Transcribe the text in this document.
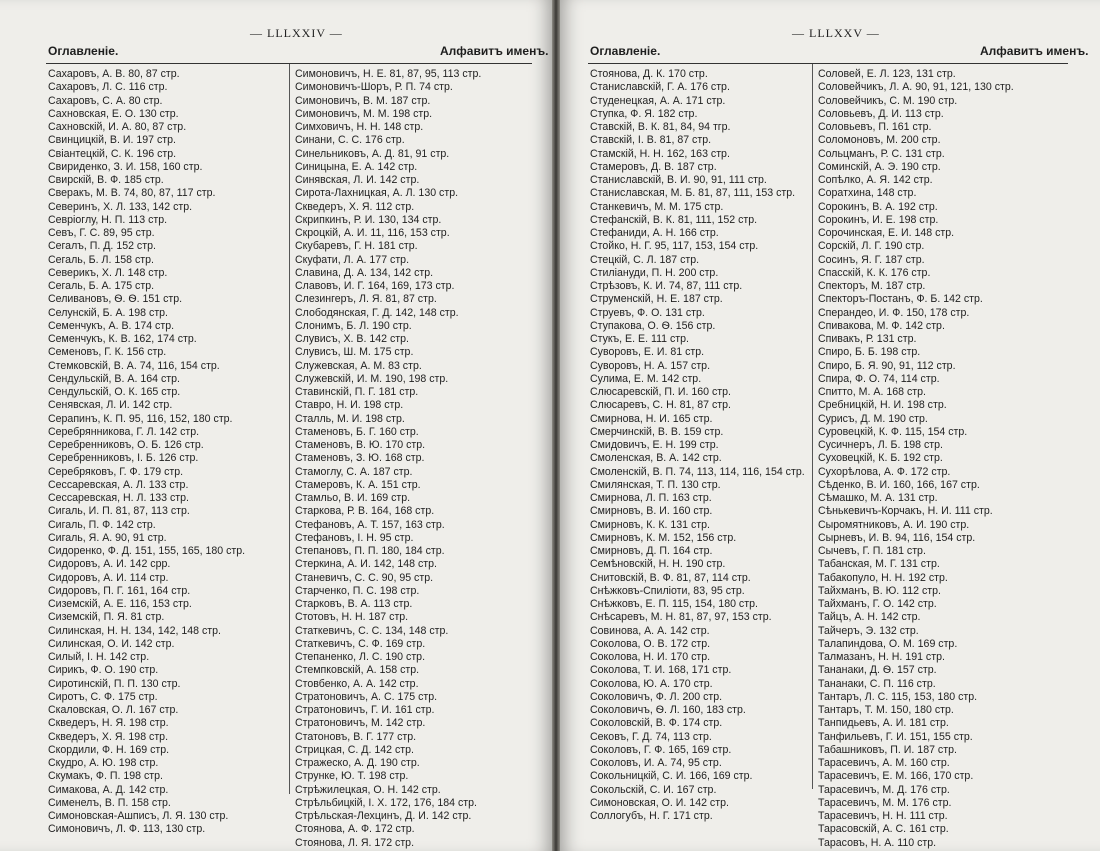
— LLLXXIV —
Оглавленіе.	Алфавитъ именъ.
Сахаровъ, А. В. 80, 87 стр.
Сахаровъ, Л. С. 116 стр.
Сахаровъ, С. А. 80 стр.
Сахновская, Е. О. 130 стр.
Сахновскій, И. А. 80, 87 стр.
Свинцицкій, В. И. 197 стр.
Свіантецкій, С. К. 196 стр.
Свириденко, З. И. 158, 160 стр.
Свирскій, В. Ф. 185 стр.
Сверакъ, М. В. 74, 80, 87, 117 стр.
Северинъ, Х. Л. 133, 142 стр.
Севріоглу, Н. П. 113 стр.
Севъ, Г. С. 89, 95 стр.
Сегалъ, П. Д. 152 стр.
Сегаль, Б. Л. 158 стр.
Северикъ, Х. Л. 148 стр.
Сегаль, Б. А. 175 стр.
Селивановъ, Ѳ. Ѳ. 151 стр.
Селунскій, Б. А. 198 стр.
Семенчукъ, А. В. 174 стр.
Семенчукъ, К. В. 162, 174 стр.
Семеновъ, Г. К. 156 стр.
Стемковскій, В. А. 74, 116, 154 стр.
Сендульскій, В. А. 164 стр.
Сендульскій, О. К. 165 стр.
Сенявская, Л. И. 142 стр.
Серапинъ, К. П. 95, 116, 152, 180 стр.
Серебрянникова, Г. Л. 142 стр.
Серебренниковъ, О. Б. 126 стр.
Серебренниковъ, І. Б. 126 стр.
Серебряковъ, Г. Ф. 179 стр.
Сессаревская, А. Л. 133 стр.
Сессаревская, Н. Л. 133 стр.
Сигаль, И. П. 81, 87, 113 стр.
Сигаль, П. Ф. 142 стр.
Сигаль, Я. А. 90, 91 стр.
Сидоренко, Ф. Д. 151, 155, 165, 180 стр.
Сидоровъ, А. И. 142 срр.
Сидоровъ, А. И. 114 стр.
Сидоровъ, П. Г. 161, 164 стр.
Сиземскій, А. Е. 116, 153 стр.
Сиземскій, П. Я. 81 стр.
Силинская, Н. Н. 134, 142, 148 стр.
Силинская, О. И. 142 стр.
Силый, І. Н. 142 стр.
Сирикъ, Ф. О. 190 стр.
Сиротинскій, П. П. 130 стр.
Сиротъ, С. Ф. 175 стр.
Скаловская, О. Л. 167 стр.
Скведеръ, Н. Я. 198 стр.
Скведеръ, Х. Я. 198 стр.
Скордили, Ф. Н. 169 стр.
Скудро, А. Ю. 198 стр.
Скумакъ, Ф. П. 198 стр.
Симакова, А. Д. 142 стр.
Сименелъ, В. П. 158 стр.
Симоновская-Ашписъ, Л. Я. 130 стр.
Симоновичъ, Л. Ф. 113, 130 стр.
Симоновичъ, Н. Е. 81, 87, 95, 113 стр.
Симоновичъ-Шоръ, Р. П. 74 стр.
Симоновичъ, В. М. 187 стр.
Симоновичъ, М. М. 198 стр.
Симховичъ, Н. Н. 148 стр.
Синани, С. С. 176 стр.
Синельниковъ, А. Д. 81, 91 стр.
Синицына, Е. А. 142 стр.
Синявская, Л. И. 142 стр.
Сирота-Лахницкая, А. Л. 130 стр.
Скведеръ, Х. Я. 112 стр.
Скрипкинъ, Р. И. 130, 134 стр.
Скроцкій, А. И. 11, 116, 153 стр.
Скубаревъ, Г. Н. 181 стр.
Скуфати, Л. А. 177 стр.
Славина, Д. А. 134, 142 стр.
Славовъ, И. Г. 164, 169, 173 стр.
Слезингеръ, Л. Я. 81, 87 стр.
Слободянская, Г. Д. 142, 148 стр.
Слонимъ, Б. Л. 190 стр.
Слувисъ, Х. В. 142 стр.
Слувисъ, Ш. М. 175 стр.
Служевская, А. М. 83 стр.
Служевскій, И. М. 190, 198 стр.
Ставинскій, П. Г. 181 стр.
Ставро, Н. И. 198 стр.
Сталль, М. И. 198 стр.
Стаменовъ, Б. Г. 160 стр.
Стаменовъ, В. Ю. 170 стр.
Стаменовъ, З. Ю. 168 стр.
Стамоглу, С. А. 187 стр.
Стамеровъ, К. А. 151 стр.
Стамльо, В. И. 169 стр.
Старкова, Р. В. 164, 168 стр.
Стефановъ, А. Т. 157, 163 стр.
Стефановъ, І. Н. 95 стр.
Степановъ, П. П. 180, 184 стр.
Стеркина, А. И. 142, 148 стр.
Станевичъ, С. С. 90, 95 стр.
Старченко, П. С. 198 стр.
Старковъ, В. А. 113 стр.
Стотовъ, Н. Н. 187 стр.
Статкевичъ, С. С. 134, 148 стр.
Статкевичъ, С. Ф. 169 стр.
Степаненко, Л. С. 190 стр.
Стемпковскій, А. 158 стр.
Стовбенко, А. А. 142 стр.
Стратоновичъ, А. С. 175 стр.
Стратоновичъ, Г. И. 161 стр.
Стратоновичъ, М. 142 стр.
Статоновъ, В. Г. 177 стр.
Стрицкая, С. Д. 142 стр.
Стражеско, А. Д. 190 стр.
Струнке, Ю. Т. 198 стр.
Стрѣжилецкая, О. Н. 142 стр.
Стрѣльбицкій, І. Х. 172, 176, 184 стр.
Стрѣльская-Лехцинъ, Д. И. 142 стр.
Стоянова, А. Ф. 172 стр.
Стоянова, Л. Я. 172 стр.
— LLLXXV —
Оглавленіе.	Алфавитъ именъ.
Стоянова, Д. К. 170 стр.
Станиславскій, Г. А. 176 стр.
Студенецкая, А. А. 171 стр.
Ступка, Ф. Я. 182 стр.
Ставскій, В. К. 81, 84, 94 тгр.
Ставскій, І. В. 81, 87 стр.
Стамскій, Н. Н. 162, 163 стр.
Стамеровъ, Д. В. 187 стр.
Станиславскій, В. И. 90, 91, 111 стр.
Станиславская, М. Б. 81, 87, 111, 153 стр.
Станкевичъ, М. М. 175 стр.
Стефанскій, В. К. 81, 111, 152 стр.
Стефаниди, А. Н. 166 стр.
Стойко, Н. Г. 95, 117, 153, 154 стр.
Стецкій, С. Л. 187 стр.
Стиліануди, П. Н. 200 стр.
Стрѣзовъ, К. И. 74, 87, 111 стр.
Струменскій, Н. Е. 187 стр.
Струевъ, Ф. О. 131 стр.
Ступакова, О. Ѳ. 156 стр.
Стукъ, Е. Е. 111 стр.
Суворовъ, Е. И. 81 стр.
Суворовъ, Н. А. 157 стр.
Сулима, Е. М. 142 стр.
Слюсаревскій, П. И. 160 стр.
Слюсаревъ, С. Н. 81, 87 стр.
Смирнова, Н. И. 165 стр.
Смерчинскій, В. В. 159 стр.
Смидовичъ, Е. Н. 199 стр.
Смоленская, В. А. 142 стр.
Смоленскій, В. П. 74, 113, 114, 116, 154 стр.
Смилянская, Т. П. 130 стр.
Смирнова, Л. П. 163 стр.
Смирновъ, В. И. 160 стр.
Смирновъ, К. К. 131 стр.
Смирновъ, К. М. 152, 156 стр.
Смирновъ, Д. П. 164 стр.
Семѣновскій, Н. Н. 190 стр.
Снитовскій, В. Ф. 81, 87, 114 стр.
Снѣжковъ-Спилiоти, 83, 95 стр.
Снѣжковъ, Е. П. 115, 154, 180 стр.
Снѣсаревъ, М. Н. 81, 87, 97, 153 стр.
Совинова, А. А. 142 стр.
Соколова, О. В. 172 стр.
Соколова, Н. И. 170 стр.
Соколова, Т. И. 168, 171 стр.
Соколова, Ю. А. 170 стр.
Соколовичъ, Ф. Л. 200 стр.
Соколовичъ, Ѳ. Л. 160, 183 стр.
Соколовскій, В. Ф. 174 стр.
Сековъ, Г. Д. 74, 113 стр.
Соколовъ, Г. Ф. 165, 169 стр.
Соколовъ, И. А. 74, 95 стр.
Сокольницкій, С. И. 166, 169 стр.
Сокольскій, С. И. 167 стр.
Симоновская, О. И. 142 стр.
Соллогубъ, Н. Г. 171 стр.
Соловей, Е. Л. 123, 131 стр.
Соловейчикъ, Л. А. 90, 91, 121, 130 стр.
Соловейчикъ, С. М. 190 стр.
Соловьевъ, Д. И. 113 стр.
Соловьевъ, П. 161 стр.
Соломоновъ, М. 200 стр.
Сольцманъ, Р. С. 131 стр.
Соминскій, А. Э. 190 стр.
Сопѣлко, А. Я. 142 стр.
Соратхина, 148 стр.
Сорокинъ, В. А. 192 стр.
Сорокинъ, И. Е. 198 стр.
Сорочинская, Е. И. 148 стр.
Сорскій, Л. Г. 190 стр.
Сосинъ, Я. Г. 187 стр.
Спасскій, К. К. 176 стр.
Спекторъ, М. 187 стр.
Спекторъ-Постанъ, Ф. Б. 142 стр.
Сперандео, И. Ф. 150, 178 стр.
Спивакова, М. Ф. 142 стр.
Спивакъ, Р. 131 стр.
Спиро, Б. Б. 198 стр.
Спиро, Б. Я. 90, 91, 112 стр.
Спира, Ф. О. 74, 114 стр.
Спитто, М. А. 168 стр.
Сребницкій, Н. И. 198 стр.
Сурисъ, Д. М. 190 стр.
Суровецкій, К. Ф. 115, 154 стр.
Сусичнеръ, Л. Б. 198 стр.
Суховецкій, К. Б. 192 стр.
Сухорѣлова, А. Ф. 172 стр.
Сѣденко, В. И. 160, 166, 167 стр.
Сѣмашко, М. А. 131 стр.
Сѣнькевичъ-Корчакъ, Н. И. 111 стр.
Сыромятниковъ, А. И. 190 стр.
Сырневъ, И. В. 94, 116, 154 стр.
Сычевъ, Г. П. 181 стр.
Табанская, М. Г. 131 стр.
Табакопуло, Н. Н. 192 стр.
Тайхманъ, В. Ю. 112 стр.
Тайхманъ, Г. О. 142 стр.
Тайцъ, А. Н. 142 стр.
Тайчеръ, Э. 132 стр.
Талапиндова, О. М. 169 стр.
Талмазанъ, Н. Н. 191 стр.
Тананаки, Д. Ѳ. 157 стр.
Тананаки, С. П. 116 стр.
Тантаръ, Л. С. 115, 153, 180 стр.
Тантаръ, Т. М. 150, 180 стр.
Танпидьевъ, А. И. 181 стр.
Танфильевъ, Г. И. 151, 155 стр.
Табашниковъ, П. И. 187 стр.
Тарасевичъ, А. М. 160 стр.
Тарасевичъ, Е. М. 166, 170 стр.
Тарасевичъ, М. Д. 176 стр.
Тарасевичъ, М. М. 176 стр.
Тарасевичъ, Н. Н. 111 стр.
Тарасовскій, А. С. 161 стр.
Тарасовъ, Н. А. 110 стр.
